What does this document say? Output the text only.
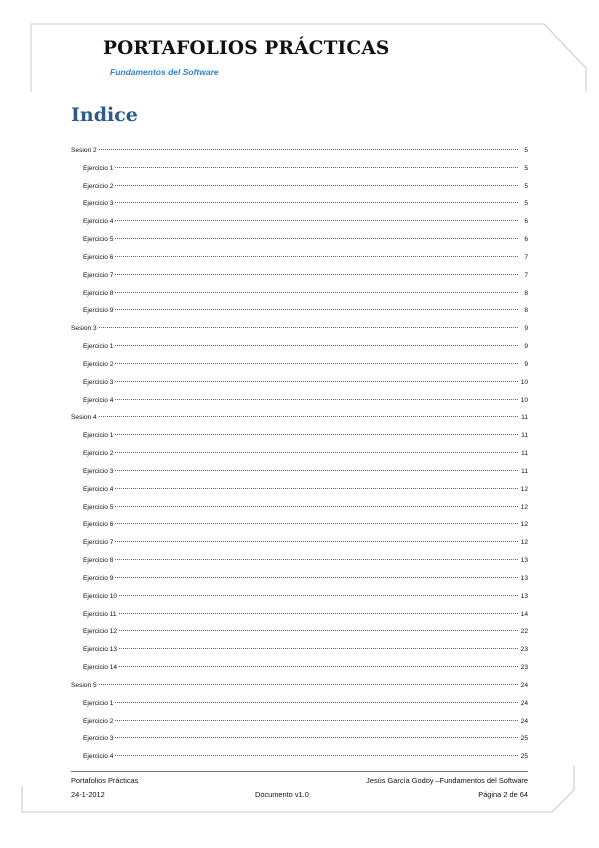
PORTAFOLIOS PRÁCTICAS
Fundamentos del Software
Indice
Sesion 2	5
Ejercicio 1	5
Ejercicio 2	5
Ejercicio 3	5
Ejercicio 4	6
Ejercicio 5	6
Ejercicio 6	7
Ejercicio 7	7
Ejercicio 8	8
Ejercicio 9	8
Sesion 3	9
Ejercicio 1	9
Ejercicio 2	9
Ejercicio 3	10
Ejercicio 4	10
Sesion 4	11
Ejercicio 1	11
Ejercicio 2	11
Ejercicio 3	11
Ejercicio 4	12
Ejercicio 5	12
Ejercicio 6	12
Ejercicio 7	12
Ejercicio 8	13
Ejercicio 9	13
Ejercicio 10	13
Ejercicio 11	14
Ejercicio 12	22
Ejercicio 13	23
Ejercicio 14	23
Sesion 5	24
Ejercicio 1	24
Ejercicio 2	24
Ejercicio 3	25
Ejercicio 4	25
Portafolios Prácticas
24-1-2012	Documento v1.0
Jesús García Godoy –Fundamentos del Software
Página 2 de 64
